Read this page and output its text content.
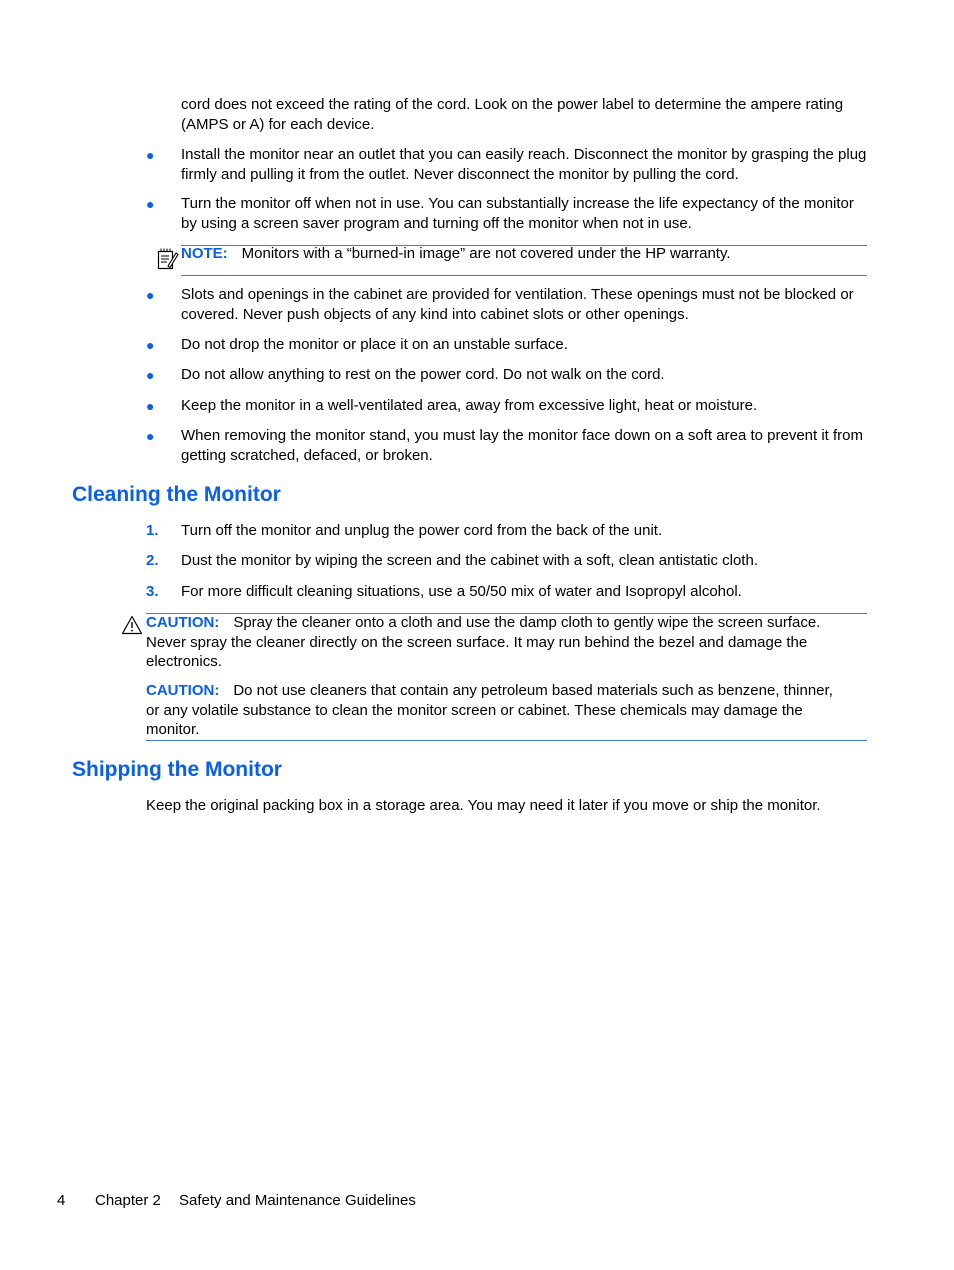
cord does not exceed the rating of the cord. Look on the power label to determine the ampere rating (AMPS or A) for each device.

● Install the monitor near an outlet that you can easily reach. Disconnect the monitor by grasping the plug firmly and pulling it from the outlet. Never disconnect the monitor by pulling the cord.

● Turn the monitor off when not in use. You can substantially increase the life expectancy of the monitor by using a screen saver program and turning off the monitor when not in use.

NOTE: Monitors with a “burned-in image” are not covered under the HP warranty.

● Slots and openings in the cabinet are provided for ventilation. These openings must not be blocked or covered. Never push objects of any kind into cabinet slots or other openings.

● Do not drop the monitor or place it on an unstable surface.

● Do not allow anything to rest on the power cord. Do not walk on the cord.

● Keep the monitor in a well-ventilated area, away from excessive light, heat or moisture.

● When removing the monitor stand, you must lay the monitor face down on a soft area to prevent it from getting scratched, defaced, or broken.

Cleaning the Monitor
1. Turn off the monitor and unplug the power cord from the back of the unit.

2. Dust the monitor by wiping the screen and the cabinet with a soft, clean antistatic cloth.

3. For more difficult cleaning situations, use a 50/50 mix of water and Isopropyl alcohol.

CAUTION: Spray the cleaner onto a cloth and use the damp cloth to gently wipe the screen surface. Never spray the cleaner directly on the screen surface. It may run behind the bezel and damage the electronics.

CAUTION: Do not use cleaners that contain any petroleum based materials such as benzene, thinner, or any volatile substance to clean the monitor screen or cabinet. These chemicals may damage the monitor.

Shipping the Monitor

Keep the original packing box in a storage area. You may need it later if you move or ship the monitor.

4 Chapter 2 Safety and Maintenance Guidelines
